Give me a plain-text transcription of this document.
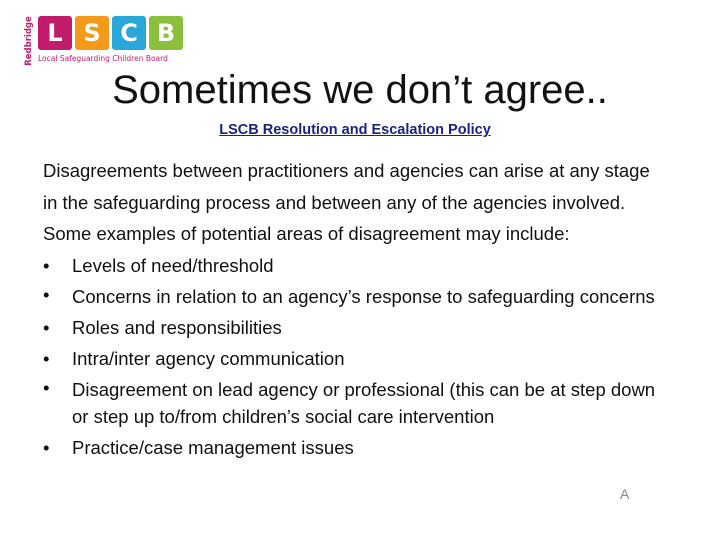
Redbridge L S C B
Local Safeguarding Children Board
Sometimes we don’t agree..
LSCB Resolution and Escalation Policy

Disagreements between practitioners and agencies can arise at any stage in the safeguarding process and between any of the agencies involved. Some examples of potential areas of disagreement may include:

• Levels of need/threshold
• Concerns in relation to an agency’s response to safeguarding concerns
• Roles and responsibilities
• Intra/inter agency communication
• Disagreement on lead agency or professional (this can be at step down or step up to/from children’s social care intervention
• Practice/case management issues
A
